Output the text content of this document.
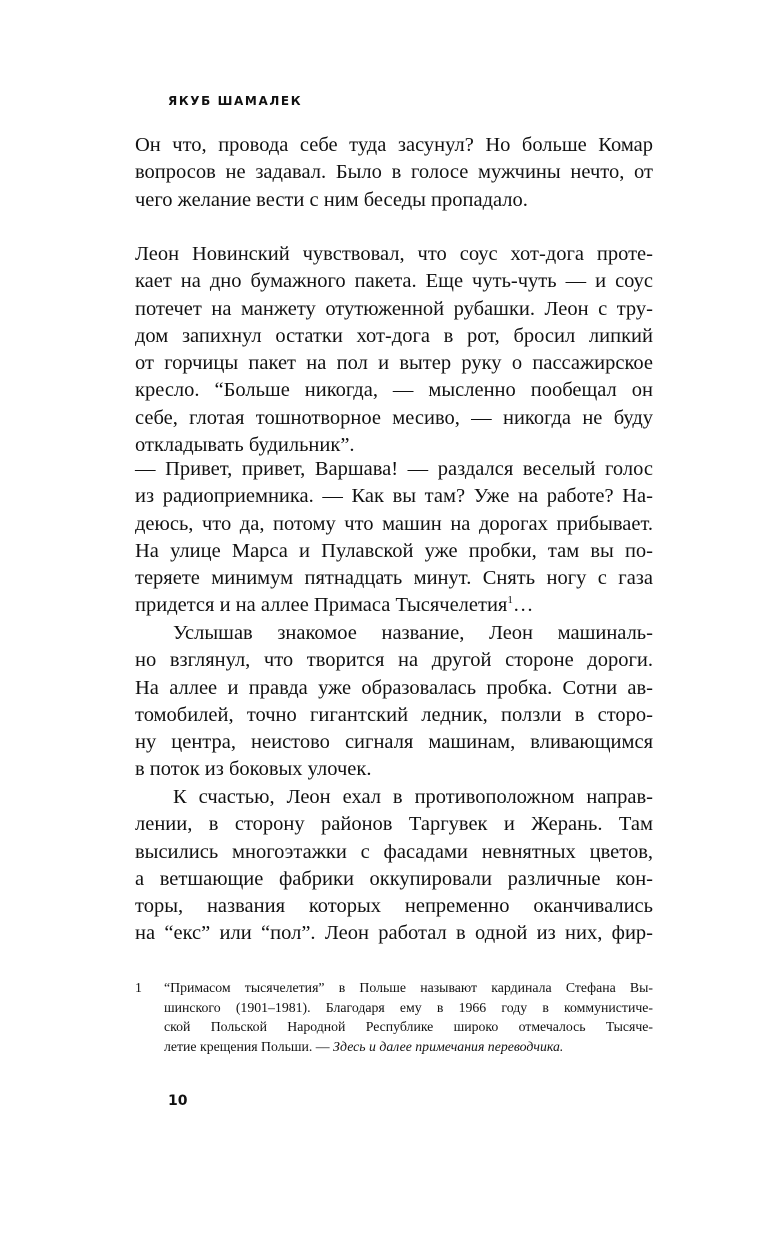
ЯКУБ ШАМАЛЕК
Он что, провода себе туда засунул? Но больше Комар
вопросов не задавал. Было в голосе мужчины нечто, от
чего желание вести с ним беседы пропадало.
Леон Новинский чувствовал, что соус хот-дога проте-
кает на дно бумажного пакета. Еще чуть-чуть — и соус
потечет на манжету отутюженной рубашки. Леон с тру-
дом запихнул остатки хот-дога в рот, бросил липкий
от горчицы пакет на пол и вытер руку о пассажирское
кресло. “Больше никогда, — мысленно пообещал он
себе, глотая тошнотворное месиво, — никогда не буду
откладывать будильник”.
— Привет, привет, Варшава! — раздался веселый голос
из радиоприемника. — Как вы там? Уже на работе? На-
деюсь, что да, потому что машин на дорогах прибывает.
На улице Марса и Пулавской уже пробки, там вы по-
теряете минимум пятнадцать минут. Снять ногу с газа
придется и на аллее Примаса Тысячелетия$^1$…
Услышав знакомое название, Леон машиналь-
но взглянул, что творится на другой стороне дороги.
На аллее и правда уже образовалась пробка. Сотни ав-
томобилей, точно гигантский ледник, ползли в сторо-
ну центра, неистово сигналя машинам, вливающимся
в поток из боковых улочек.
К счастью, Леон ехал в противоположном направ-
лении, в сторону районов Таргувек и Жерань. Там
высились многоэтажки с фасадами невнятных цветов,
а ветшающие фабрики оккупировали различные кон-
торы, названия которых непременно оканчивались
на “екс” или “пол”. Леон работал в одной из них, фир-
1 “Примасом тысячелетия” в Польше называют кардинала Стефана Вы-
шинского (1901–1981). Благодаря ему в 1966 году в коммунистиче-
ской Польской Народной Республике широко отмечалось Тысяче-
летие крещения Польши. — Здесь и далее примечания переводчика.
10
